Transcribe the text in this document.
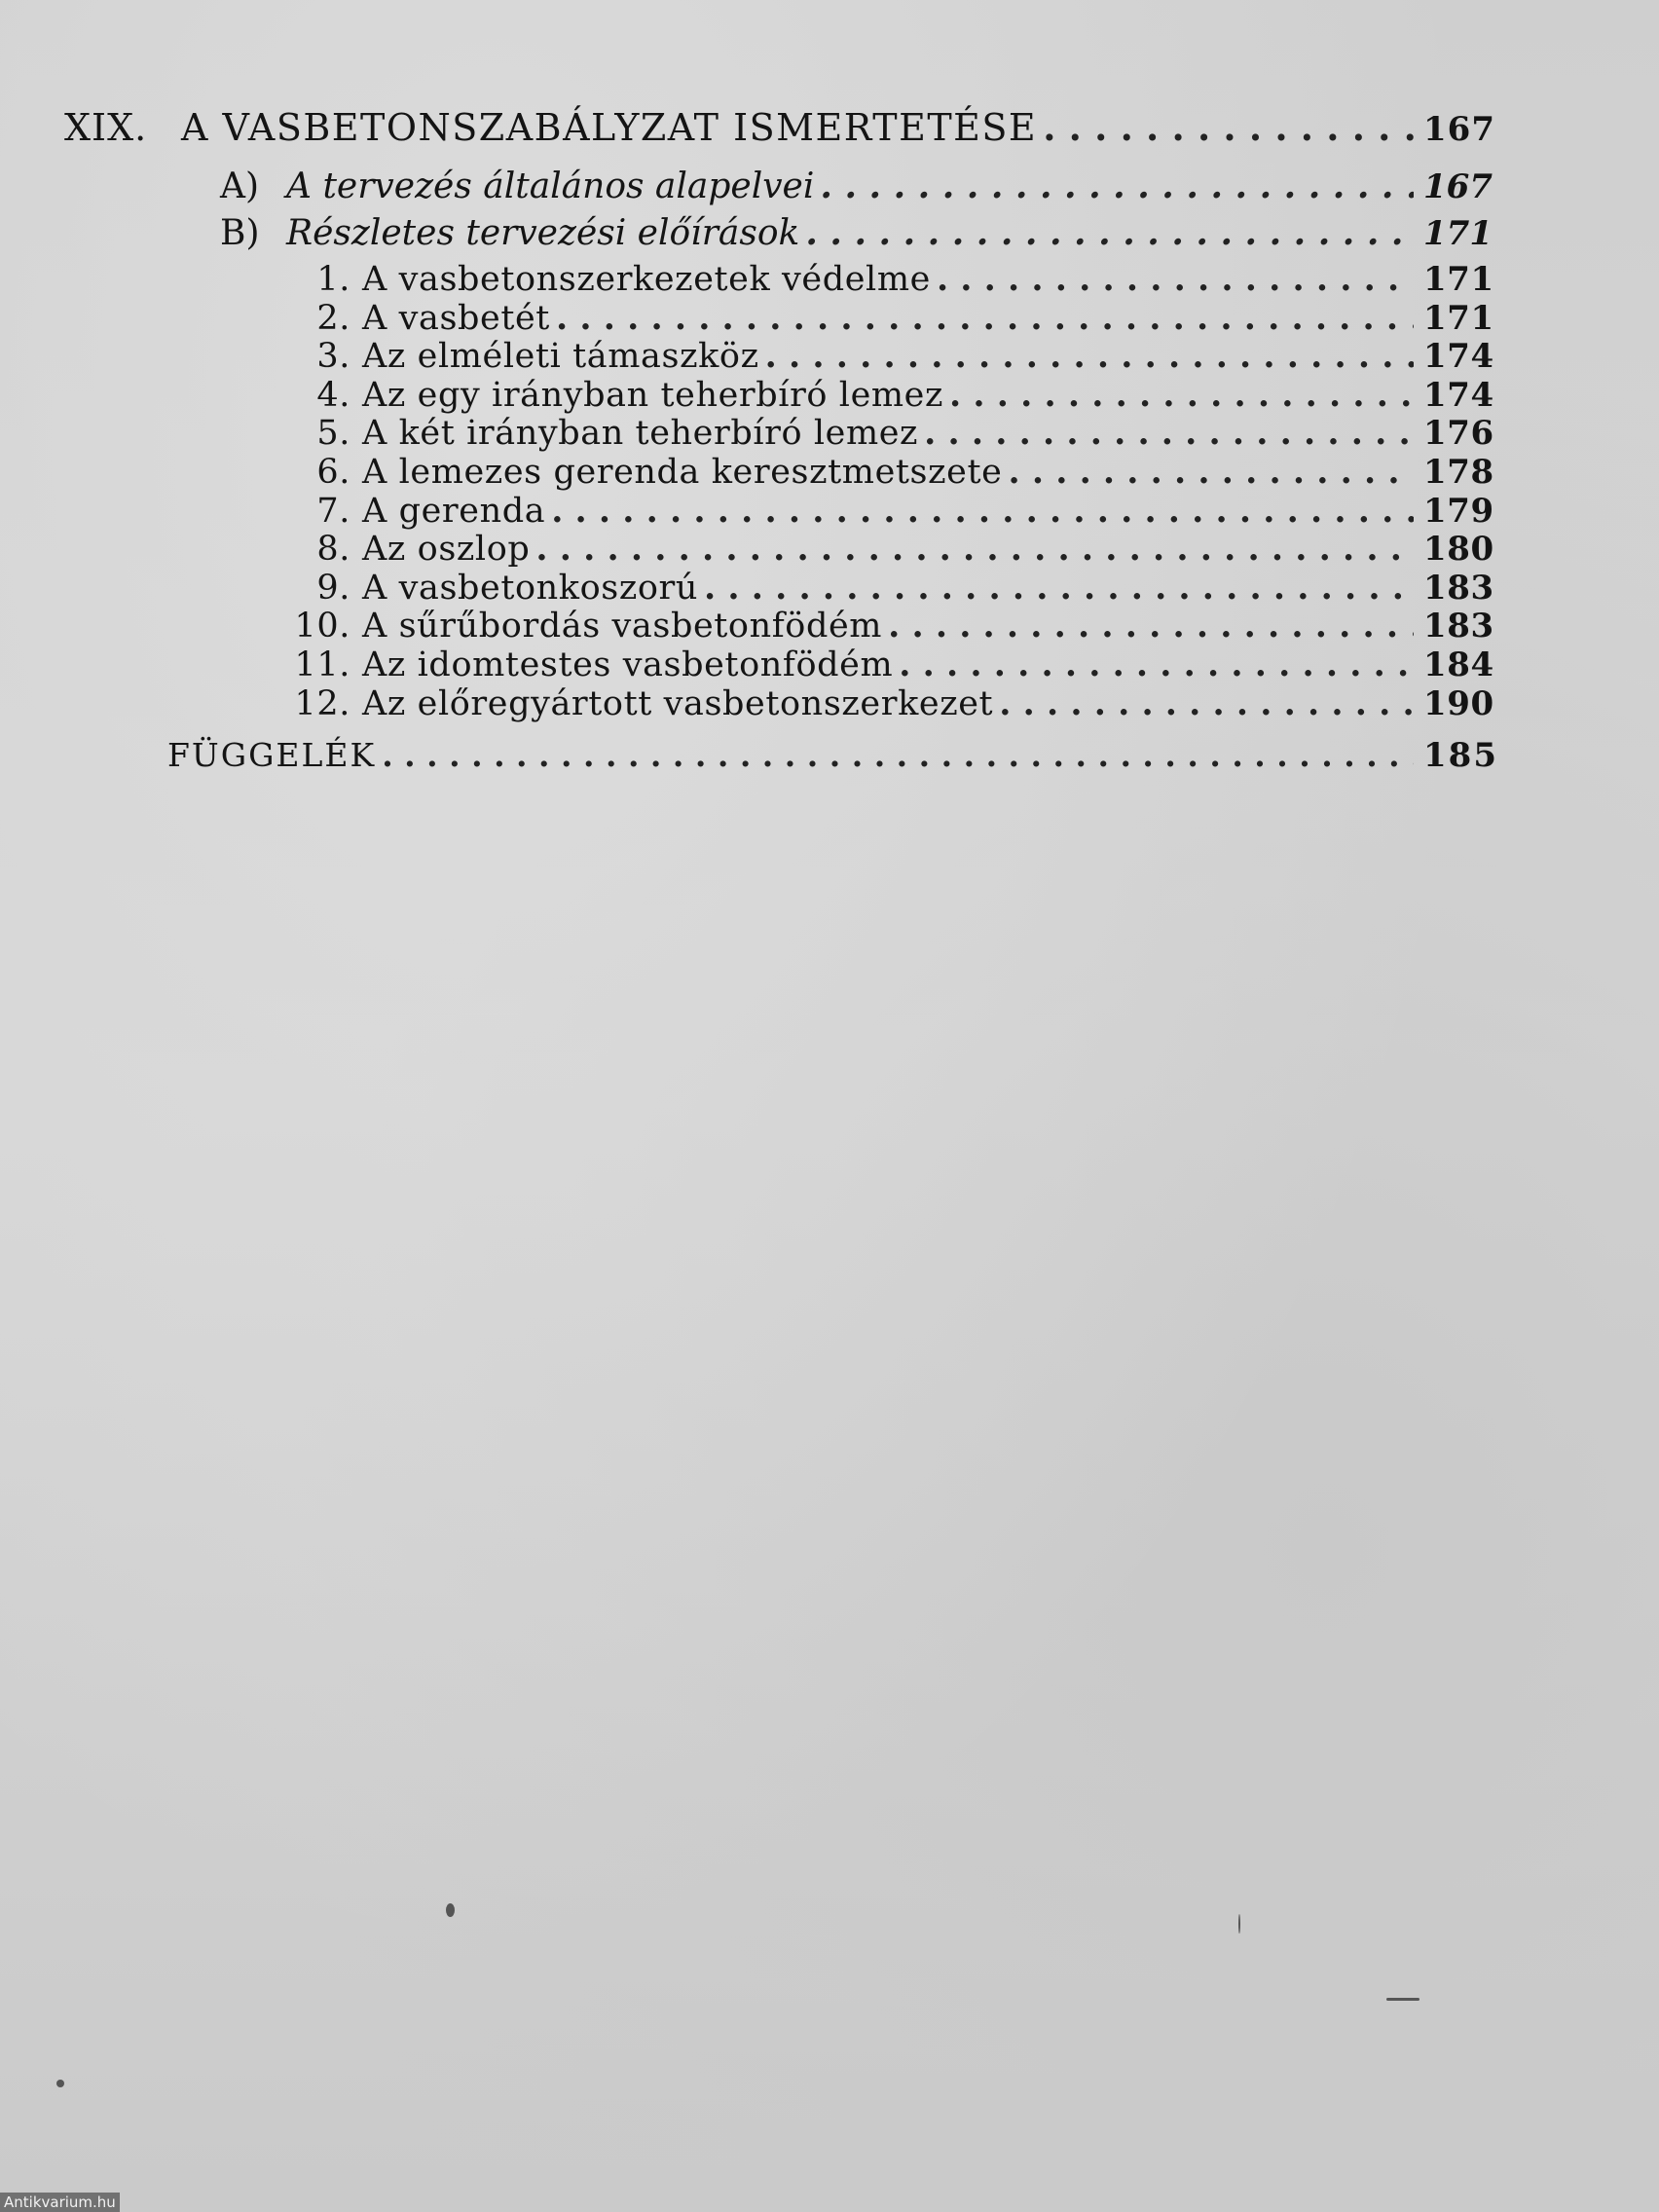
XIX. A VASBETONSZABÁLYZAT ISMERTETÉSE . . .	167
A) A tervezés általános alapelvei . . .	167
B) Részletes tervezési előírások . . .	171
1. A vasbetonszerkezetek védelme . . .	171
2. A vasbetét . . .	171
3. Az elméleti támaszköz . . .	174
4. Az egy irányban teherbíró lemez . . .	174
5. A két irányban teherbíró lemez . . .	176
6. A lemezes gerenda keresztmetszete . . .	178
7. A gerenda . . .	179
8. Az oszlop . . .	180
9. A vasbetonkoszorú . . .	183
10. A sűrűbordás vasbetonfödém . . .	183
11. Az idomtestes vasbetonfödém . . .	184
12. Az előregyártott vasbetonszerkezet . . .	190
FÜGGELÉK . . .	185
Antikvarium.hu
